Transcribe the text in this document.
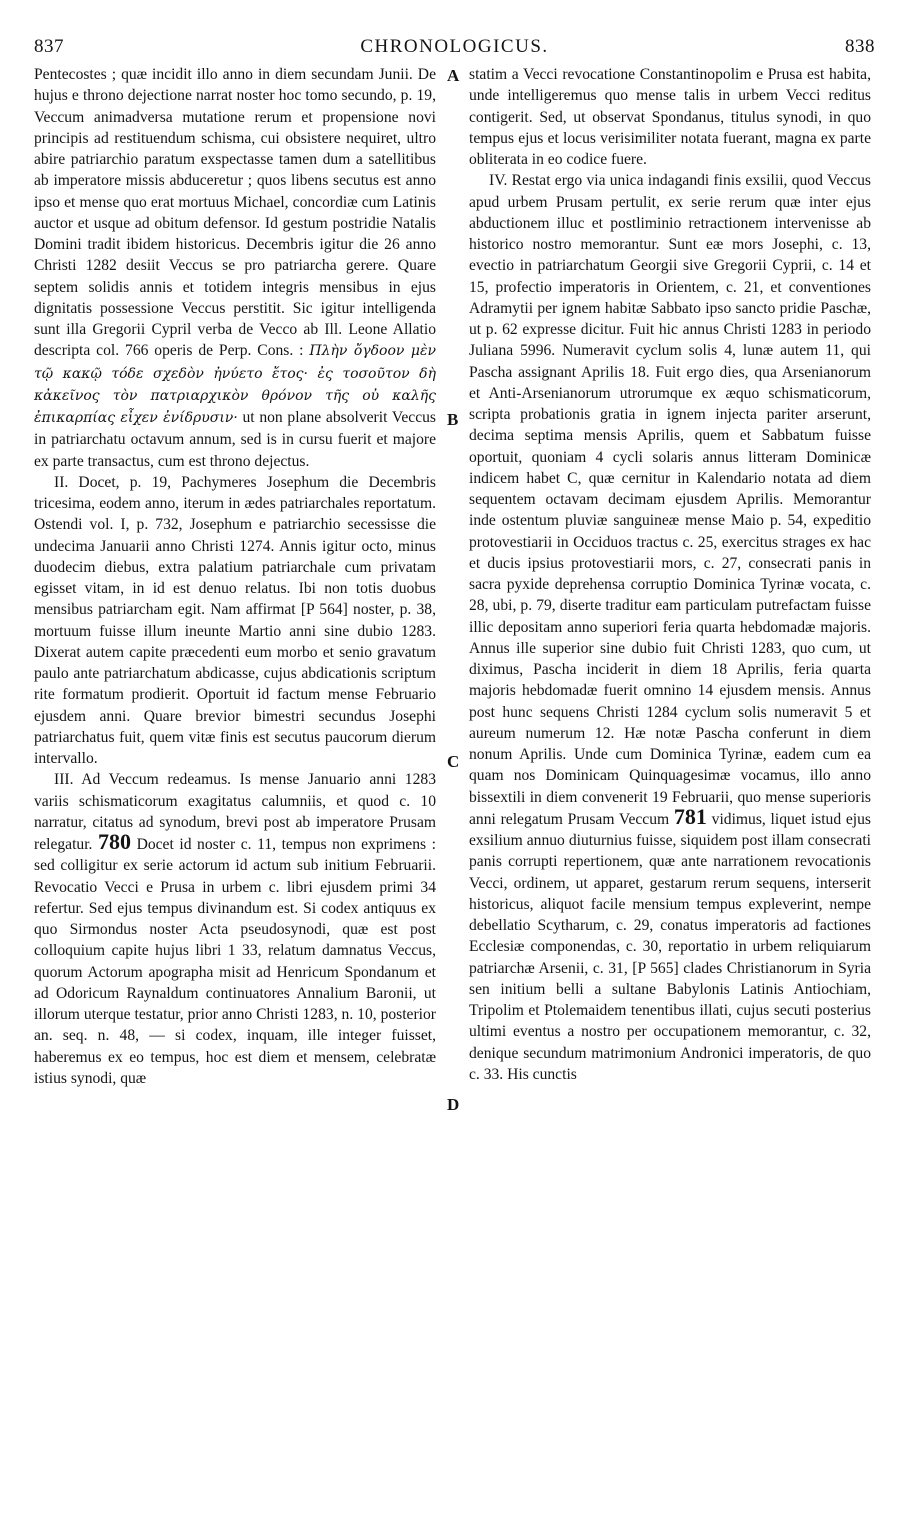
837	CHRONOLOGICUS.	838
A
B
C
D

Pentecostes ; quæ incidit illo anno in diem secundam Junii. De hujus e throno dejectione narrat noster hoc tomo secundo, p. 19, Veccum animadversa mutatione rerum et propensione novi principis ad restituendum schisma, cui obsistere nequiret, ultro abire patriarchio paratum exspectasse tamen dum a satellitibus ab imperatore missis abduceretur ; quos libens secutus est anno ipso et mense quo erat mortuus Michael, concordiæ cum Latinis auctor et usque ad obitum defensor. Id gestum postridie Natalis Domini tradit ibidem historicus. Decembris igitur die 26 anno Christi 1282 desiit Veccus se pro patriarcha gerere. Quare septem solidis annis et totidem integris mensibus in ejus dignitatis possessione Veccus perstitit. Sic igitur intelligenda sunt illa Gregorii Cypril verba de Vecco ab Ill. Leone Allatio descripta col. 766 operis de Perp. Cons. : Πλὴν ὄγδοον μὲν τῷ κακῷ τόδε σχεδὸν ἠνύετο ἔτος· ἐς τοσοῦτον δὴ κἀκεῖνος τὸν πατριαρχικὸν θρόνον τῆς οὐ καλῆς ἐπικαρπίας εἶχεν ἐνίδρυσιν· ut non plane absolverit Veccus in patriarchatu octavum annum, sed is in cursu fuerit et majore ex parte transactus, cum est throno dejectus.

II. Docet, p. 19, Pachymeres Josephum die Decembris tricesima, eodem anno, iterum in ædes patriarchales reportatum. Ostendi vol. I, p. 732, Josephum e patriarchio secessisse die undecima Januarii anno Christi 1274. Annis igitur octo, minus duodecim diebus, extra palatium patriarchale cum privatam egisset vitam, in id est denuo relatus. Ibi non totis duobus mensibus patriarcham egit. Nam affirmat [P 564] noster, p. 38, mortuum fuisse illum ineunte Martio anni sine dubio 1283. Dixerat autem capite præcedenti eum morbo et senio gravatum paulo ante patriarchatum abdicasse, cujus abdicationis scriptum rite formatum prodierit. Oportuit id factum mense Februario ejusdem anni. Quare brevior bimestri secundus Josephi patriarchatus fuit, quem vitæ finis est secutus paucorum dierum intervallo.

III. Ad Veccum redeamus. Is mense Januario anni 1283 variis schismaticorum exagitatus calumniis, et quod c. 10 narratur, citatus ad synodum, brevi post ab imperatore Prusam relegatur. 780 Docet id noster c. 11, tempus non exprimens : sed colligitur ex serie actorum id actum sub initium Februarii. Revocatio Vecci e Prusa in urbem c. libri ejusdem primi 34 refertur. Sed ejus tempus divinandum est. Si codex antiquus ex quo Sirmondus noster Acta pseudosynodi, quæ est post colloquium capite hujus libri 1 33, relatum damnatus Veccus, quorum Actorum apographa misit ad Henricum Spondanum et ad Odoricum Raynaldum continuatores Annalium Baronii, ut illorum uterque testatur, prior anno Christi 1283, n. 10, posterior an. seq. n. 48, — si codex, inquam, ille integer fuisset, haberemus ex eo tempus, hoc est diem et mensem, celebratæ istius synodi, quæ

statim a Vecci revocatione Constantinopolim e Prusa est habita, unde intelligeremus quo mense talis in urbem Vecci reditus contigerit. Sed, ut observat Spondanus, titulus synodi, in quo tempus ejus et locus verisimiliter notata fuerant, magna ex parte obliterata in eo codice fuere.

IV. Restat ergo via unica indagandi finis exsilii, quod Veccus apud urbem Prusam pertulit, ex serie rerum quæ inter ejus abductionem illuc et postliminio retractionem intervenisse ab historico nostro memorantur. Sunt eæ mors Josephi, c. 13, evectio in patriarchatum Georgii sive Gregorii Cyprii, c. 14 et 15, profectio imperatoris in Orientem, c. 21, et conventiones Adramytii per ignem habitæ Sabbato ipso sancto pridie Paschæ, ut p. 62 expresse dicitur. Fuit hic annus Christi 1283 in periodo Juliana 5996. Numeravit cyclum solis 4, lunæ autem 11, qui Pascha assignant Aprilis 18. Fuit ergo dies, qua Arsenianorum et Anti-Arsenianorum utrorumque ex æquo schismaticorum, scripta probationis gratia in ignem injecta pariter arserunt, decima septima mensis Aprilis, quem et Sabbatum fuisse oportuit, quoniam 4 cycli solaris annus litteram Dominicæ indicem habet C, quæ cernitur in Kalendario notata ad diem sequentem octavam decimam ejusdem Aprilis. Memorantur inde ostentum pluviæ sanguineæ mense Maio p. 54, expeditio protovestiarii in Occiduos tractus c. 25, exercitus strages ex hac et ducis ipsius protovestiarii mors, c. 27, consecrati panis in sacra pyxide deprehensa corruptio Dominica Tyrinæ vocata, c. 28, ubi, p. 79, diserte traditur eam particulam putrefactam fuisse illic depositam anno superiori feria quarta hebdomadæ majoris. Annus ille superior sine dubio fuit Christi 1283, quo cum, ut diximus, Pascha inciderit in diem 18 Aprilis, feria quarta majoris hebdomadæ fuerit omnino 14 ejusdem mensis. Annus post hunc sequens Christi 1284 cyclum solis numeravit 5 et aureum numerum 12. Hæ notæ Pascha conferunt in diem nonum Aprilis. Unde cum Dominica Tyrinæ, eadem cum ea quam nos Dominicam Quinquagesimæ vocamus, illo anno bissextili in diem convenerit 19 Februarii, quo mense superioris anni relegatum Prusam Veccum 781 vidimus, liquet istud ejus exsilium annuo diuturnius fuisse, siquidem post illam consecrati panis corrupti repertionem, quæ ante narrationem revocationis Vecci, ordinem, ut apparet, gestarum rerum sequens, interserit historicus, aliquot facile mensium tempus expleverint, nempe debellatio Scytharum, c. 29, conatus imperatoris ad factiones Ecclesiæ componendas, c. 30, reportatio in urbem reliquiarum patriarchæ Arsenii, c. 31, [P 565] clades Christianorum in Syria sen initium belli a sultane Babylonis Latinis Antiochiam, Tripolim et Ptolemaidem tenentibus illati, cujus secuti posterius ultimi eventus a nostro per occupationem memorantur, c. 32, denique secundum matrimonium Andronici imperatoris, de quo c. 33. His cunctis
